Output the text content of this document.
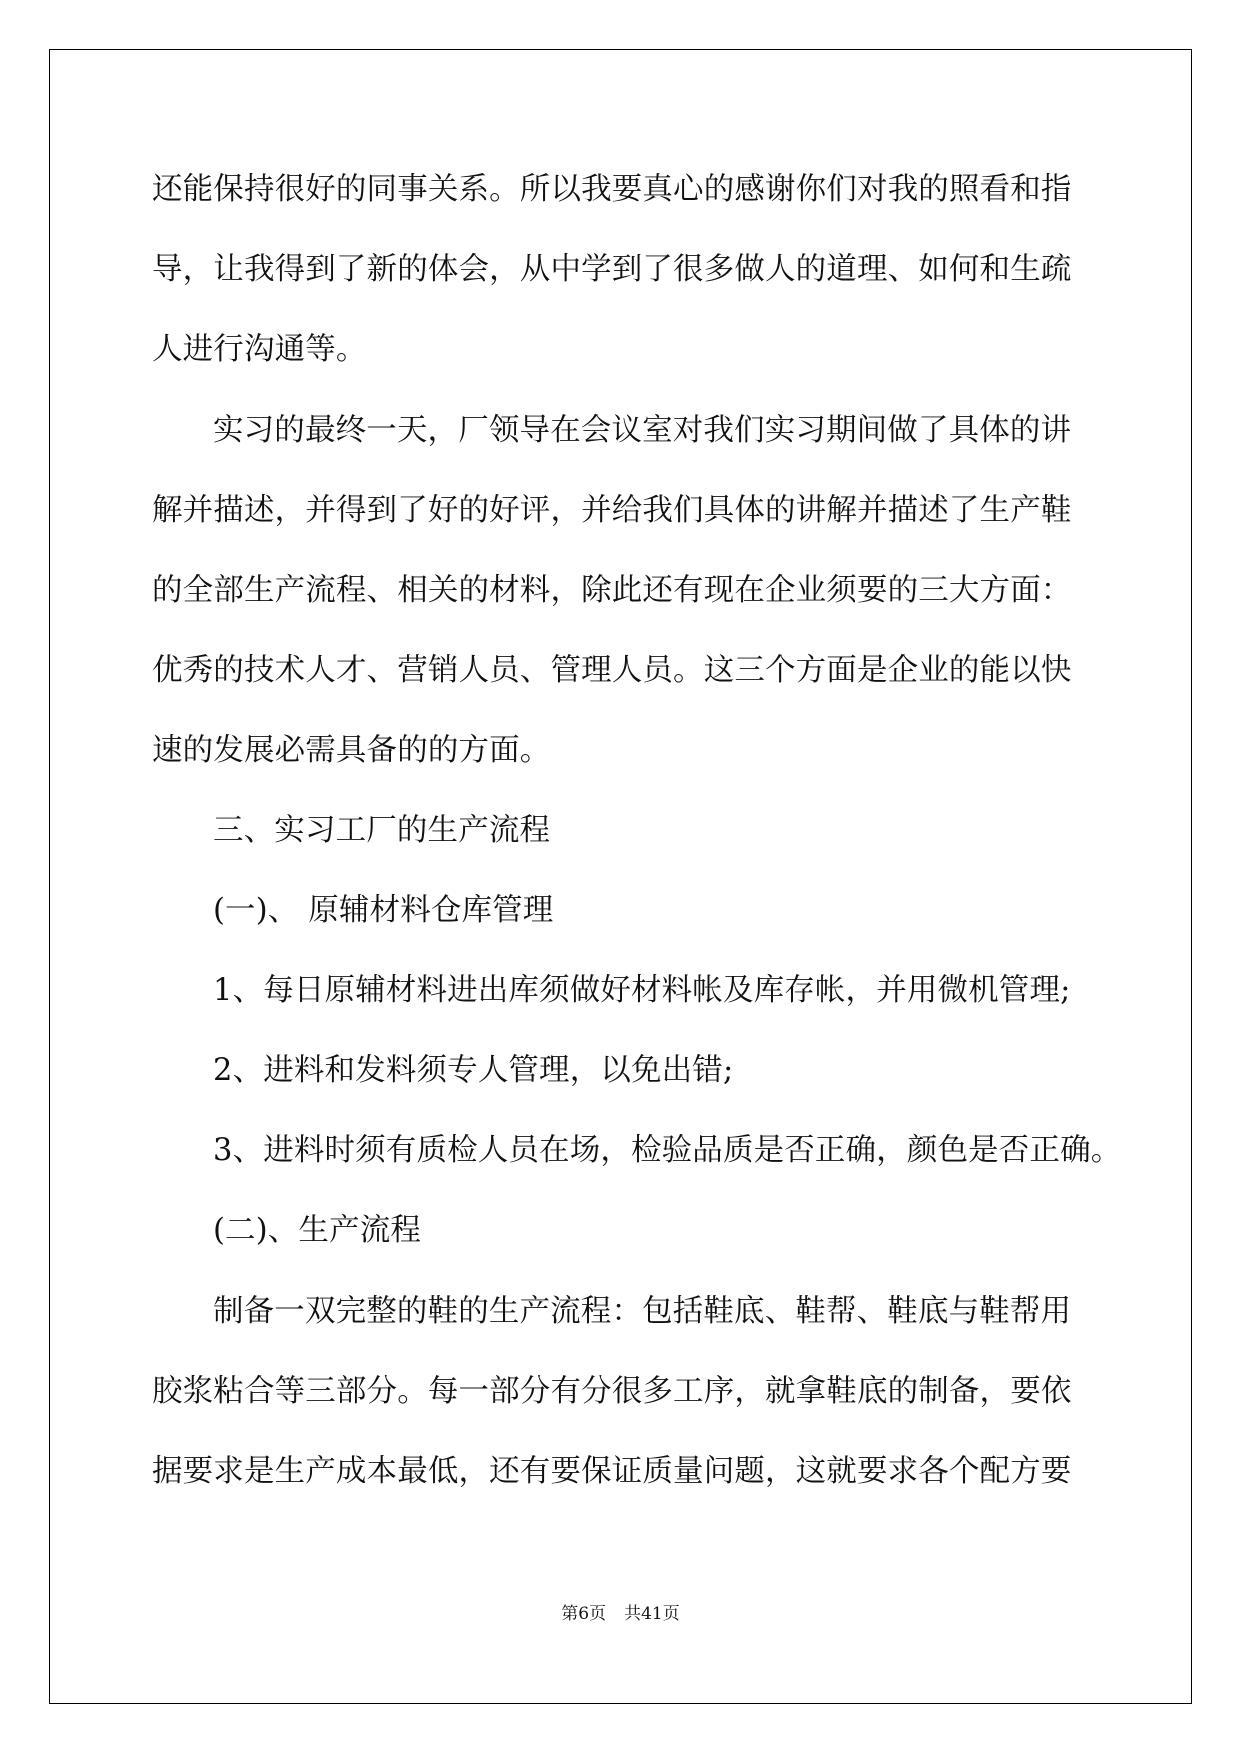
还能保持很好的同事关系。所以我要真心的感谢你们对我的照看和指
导，让我得到了新的体会，从中学到了很多做人的道理、如何和生疏
人进行沟通等。
实习的最终一天，厂领导在会议室对我们实习期间做了具体的讲
解并描述，并得到了好的好评，并给我们具体的讲解并描述了生产鞋
的全部生产流程、相关的材料，除此还有现在企业须要的三大方面：
优秀的技术人才、营销人员、管理人员。这三个方面是企业的能以快
速的发展必需具备的的方面。
三、实习工厂的生产流程
(一)、 原辅材料仓库管理
1、每日原辅材料进出库须做好材料帐及库存帐，并用微机管理;
2、进料和发料须专人管理，以免出错;
3、进料时须有质检人员在场，检验品质是否正确，颜色是否正确。
(二)、生产流程
制备一双完整的鞋的生产流程：包括鞋底、鞋帮、鞋底与鞋帮用
胶浆粘合等三部分。每一部分有分很多工序，就拿鞋底的制备，要依
据要求是生产成本最低，还有要保证质量问题，这就要求各个配方要
第6页 共41页
